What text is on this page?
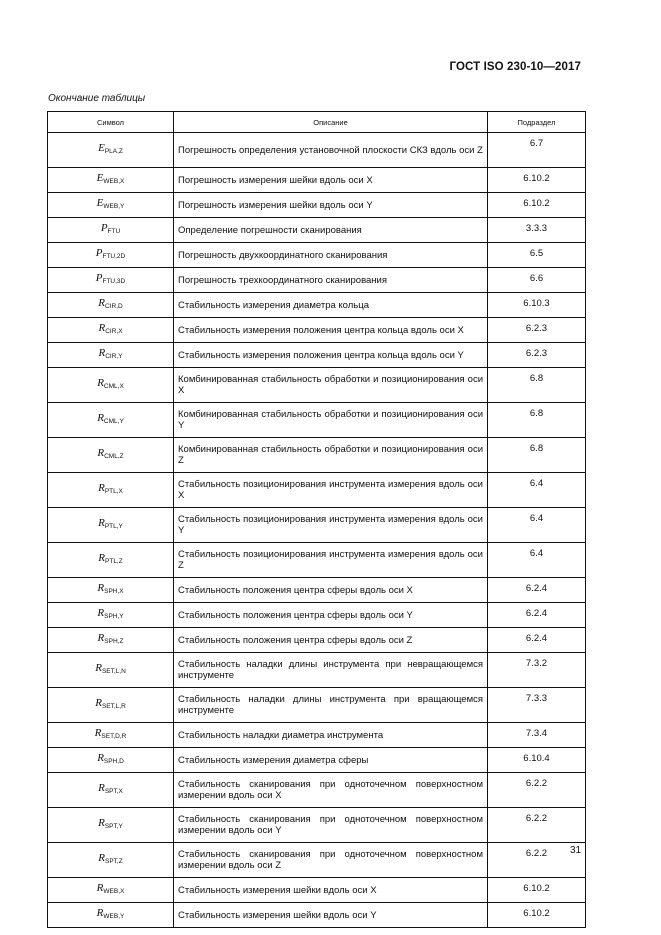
ГОСТ ISO 230-10—2017
Окончание таблицы
Символ	Описание	Подраздел
$E_{PLA,Z}$	Погрешность определения установочной плоскости СКЗ вдоль оси Z	6.7
$E_{WEB,X}$	Погрешность измерения шейки вдоль оси X	6.10.2
$E_{WEB,Y}$	Погрешность измерения шейки вдоль оси Y	6.10.2
$P_{FTU}$	Определение погрешности сканирования	3.3.3
$P_{FTU,2D}$	Погрешность двухкоординатного сканирования	6.5
$P_{FTU,3D}$	Погрешность трехкоординатного сканирования	6.6
$R_{CIR,D}$	Стабильность измерения диаметра кольца	6.10.3
$R_{CIR,X}$	Стабильность измерения положения центра кольца вдоль оси X	6.2.3
$R_{CIR,Y}$	Стабильность измерения положения центра кольца вдоль оси Y	6.2.3
$R_{CML,X}$	Комбинированная стабильность обработки и позиционирования оси X	6.8
$R_{CML,Y}$	Комбинированная стабильность обработки и позиционирования оси Y	6.8
$R_{CML,Z}$	Комбинированная стабильность обработки и позиционирования оси Z	6.8
$R_{PTL,X}$	Стабильность позиционирования инструмента измерения вдоль оси X	6.4
$R_{PTL,Y}$	Стабильность позиционирования инструмента измерения вдоль оси Y	6.4
$R_{PTL,Z}$	Стабильность позиционирования инструмента измерения вдоль оси Z	6.4
$R_{SPH,X}$	Стабильность положения центра сферы вдоль оси X	6.2.4
$R_{SPH,Y}$	Стабильность положения центра сферы вдоль оси Y	6.2.4
$R_{SPH,Z}$	Стабильность положения центра сферы вдоль оси Z	6.2.4
$R_{SET,L,N}$	Стабильность наладки длины инструмента при невращающемся инструменте	7.3.2
$R_{SET,L,R}$	Стабильность наладки длины инструмента при вращающемся инструменте	7.3.3
$R_{SET,D,R}$	Стабильность наладки диаметра инструмента	7.3.4
$R_{SPH,D}$	Стабильность измерения диаметра сферы	6.10.4
$R_{SPT,X}$	Стабильность сканирования при одноточечном поверхностном измерении вдоль оси X	6.2.2
$R_{SPT,Y}$	Стабильность сканирования при одноточечном поверхностном измерении вдоль оси Y	6.2.2
$R_{SPT,Z}$	Стабильность сканирования при одноточечном поверхностном измерении вдоль оси Z	6.2.2
$R_{WEB,X}$	Стабильность измерения шейки вдоль оси X	6.10.2
$R_{WEB,Y}$	Стабильность измерения шейки вдоль оси Y	6.10.2
31
